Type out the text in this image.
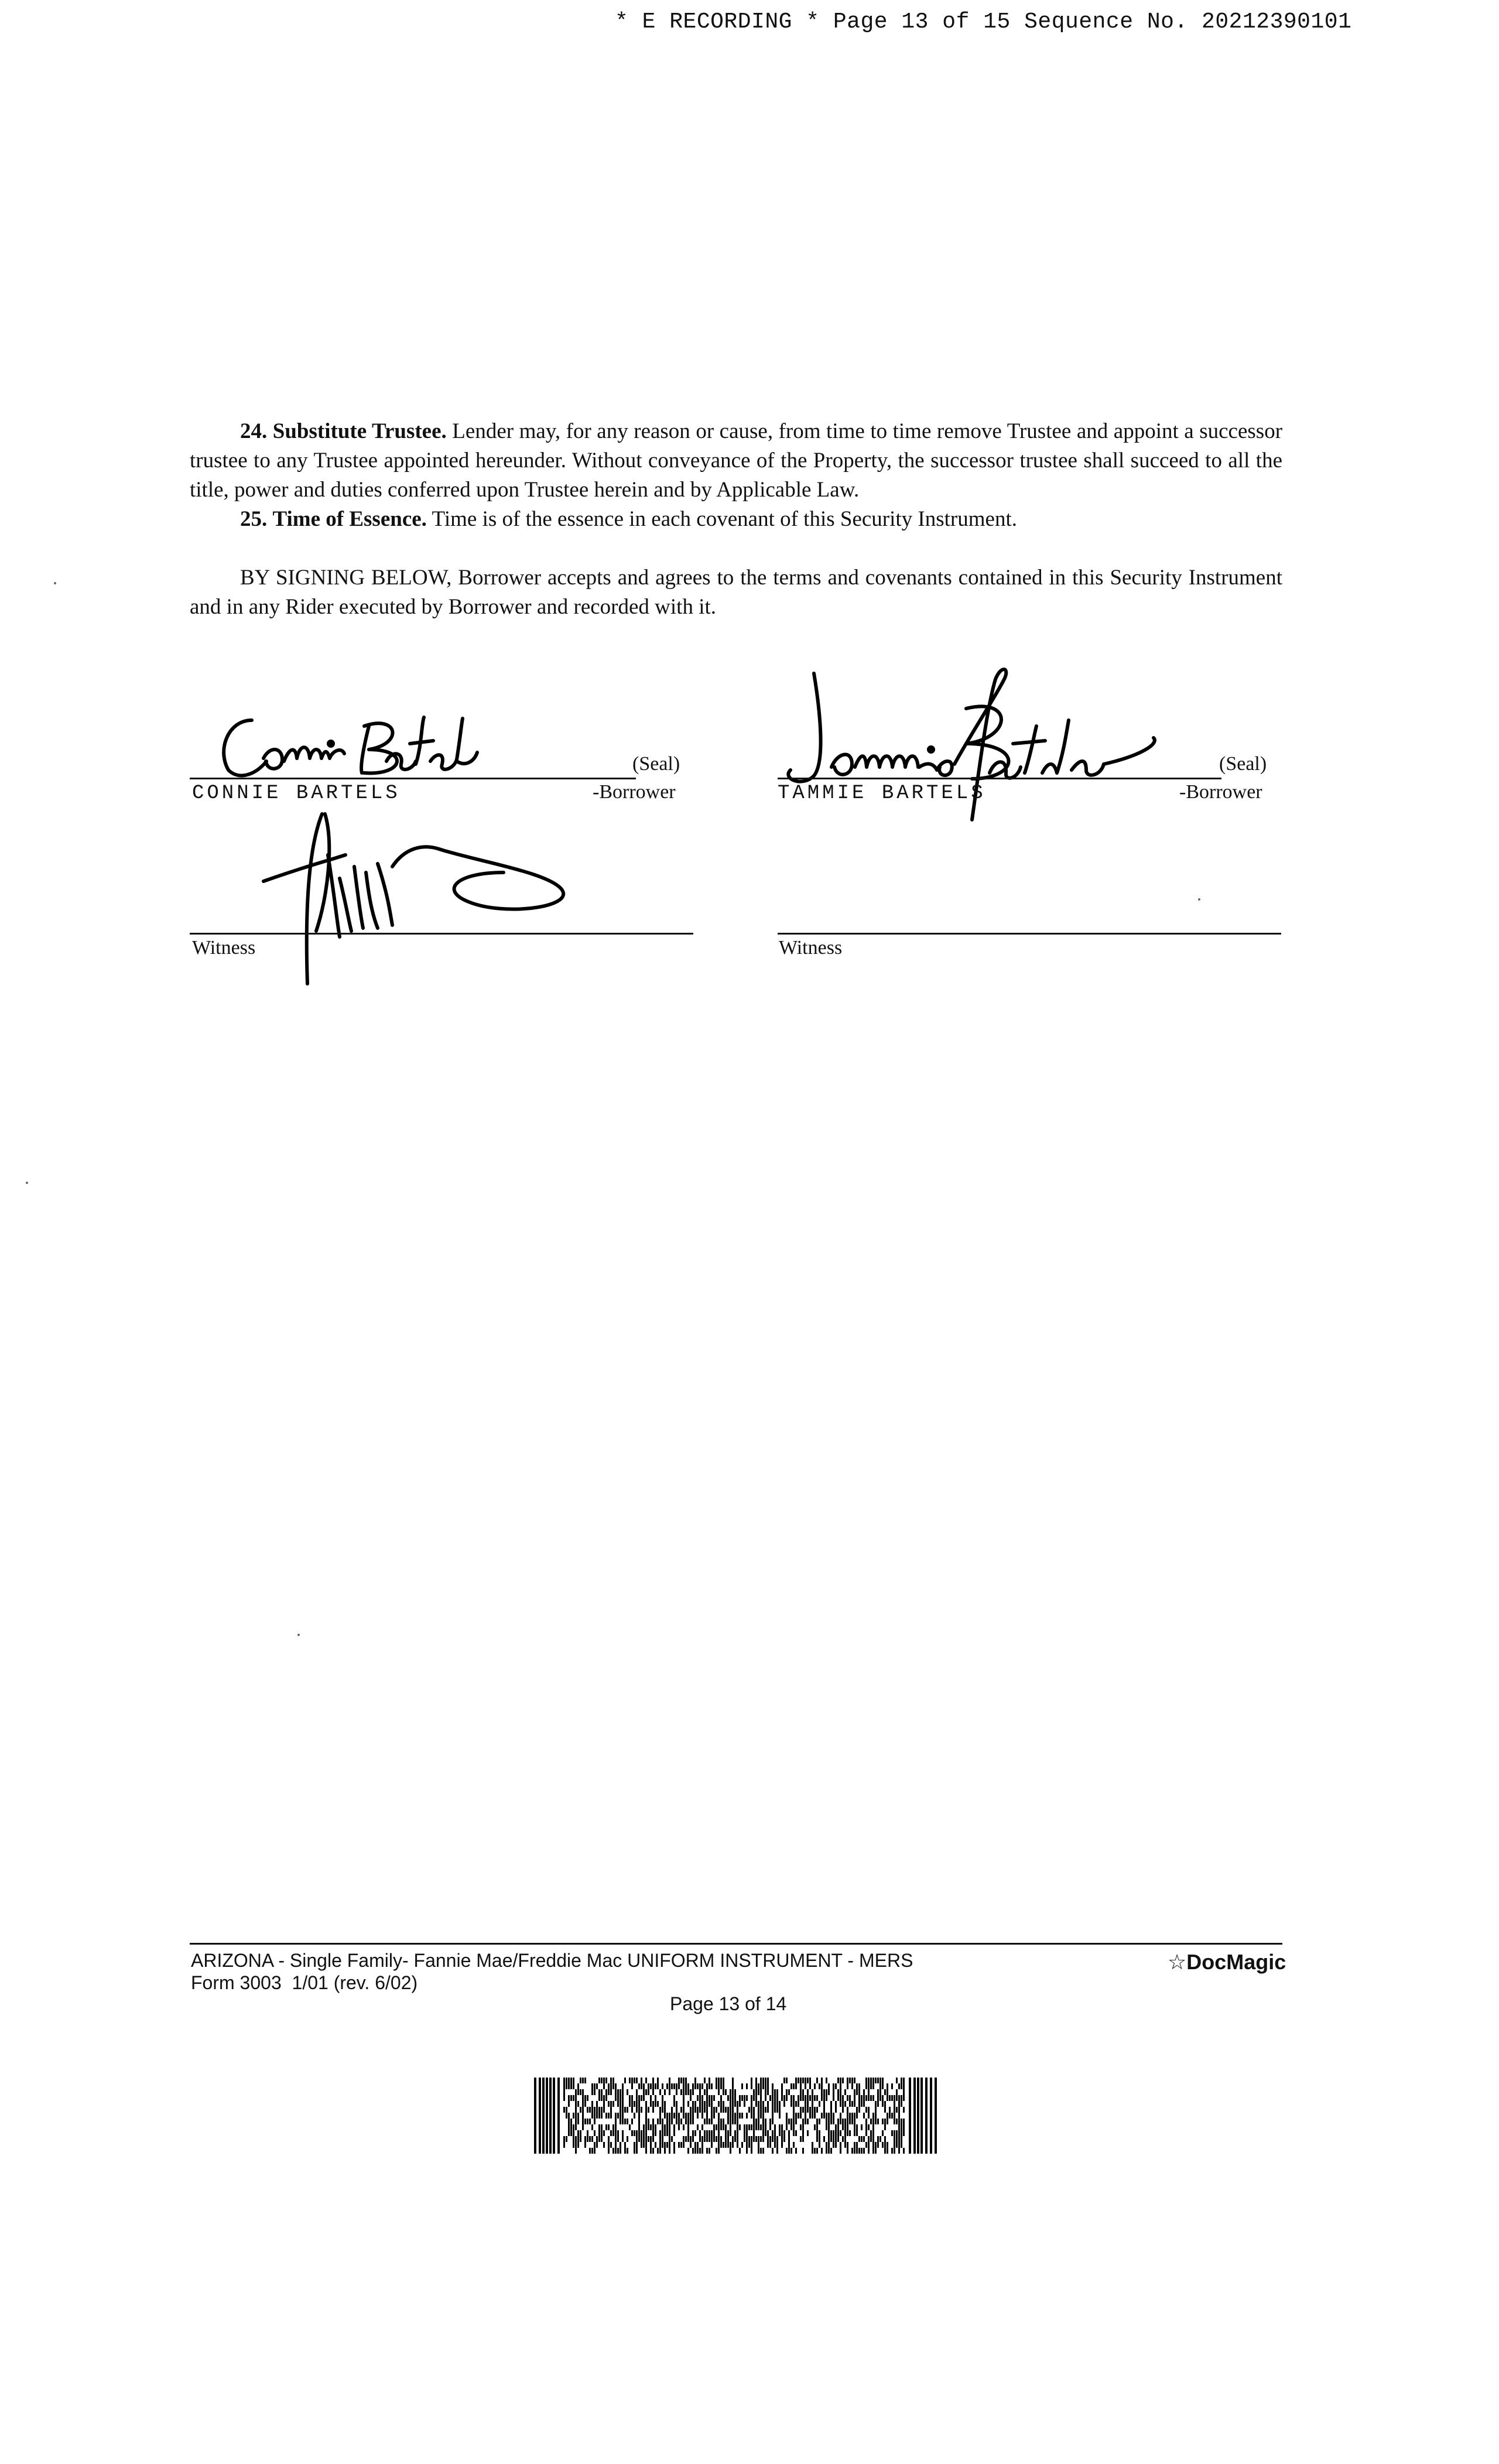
* E RECORDING * Page 13 of 15 Sequence No. 20212390101
24. Substitute Trustee. Lender may, for any reason or cause, from time to time remove Trustee and appoint a successor trustee to any Trustee appointed hereunder. Without conveyance of the Property, the successor trustee shall succeed to all the title, power and duties conferred upon Trustee herein and by Applicable Law.
25. Time of Essence. Time is of the essence in each covenant of this Security Instrument.
BY SIGNING BELOW, Borrower accepts and agrees to the terms and covenants contained in this Security Instrument and in any Rider executed by Borrower and recorded with it.
(Seal)
CONNIE BARTELS	-Borrower
Witness
(Seal)
TAMMIE BARTELS	-Borrower
Witness
ARIZONA - Single Family- Fannie Mae/Freddie Mac UNIFORM INSTRUMENT - MERS
Form 3003  1/01 (rev. 6/02)
Page 13 of 14
☆DocMagic
